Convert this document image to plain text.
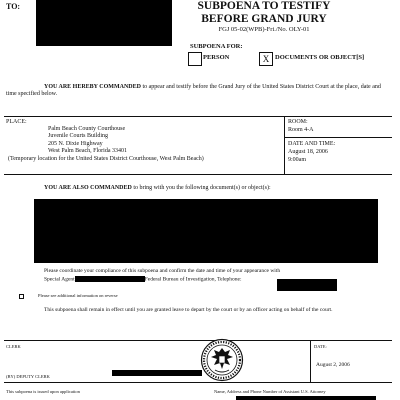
TO:	SUBPOENA TO TESTIFY
BEFORE GRAND JURY
FGJ 05-02(WPB)-Fri./No. OLY-01
SUBPOENA FOR:
PERSON	X DOCUMENTS OR OBJECT[S]
YOU ARE HEREBY COMMANDED to appear and testify before the Grand Jury of the United States District Court at the place, date and time specified below.
PLACE:
Palm Beach County Courthouse
Juvenile Courts Building
205 N. Dixie Highway
West Palm Beach, Florida 33401
(Temporary location for the United States District Courthouse, West Palm Beach)
ROOM:
Room 4-A
DATE AND TIME:
August 18, 2006
9:00am
YOU ARE ALSO COMMANDED to bring with you the following document(s) or object(s):
Please coordinate your compliance of this subpoena and confirm the date and time of your appearance with
Special Agent	Federal Bureau of Investigation, Telephone:
Please see additional information on reverse
This subpoena shall remain in effect until you are granted leave to depart by the court or by an officer acting on behalf of the court.
CLERK
(BY) DEPUTY CLERK
DATE:
August 2, 2006
This subpoena is issued upon application	Name, Address and Phone Number of Assistant U.S. Attorney
